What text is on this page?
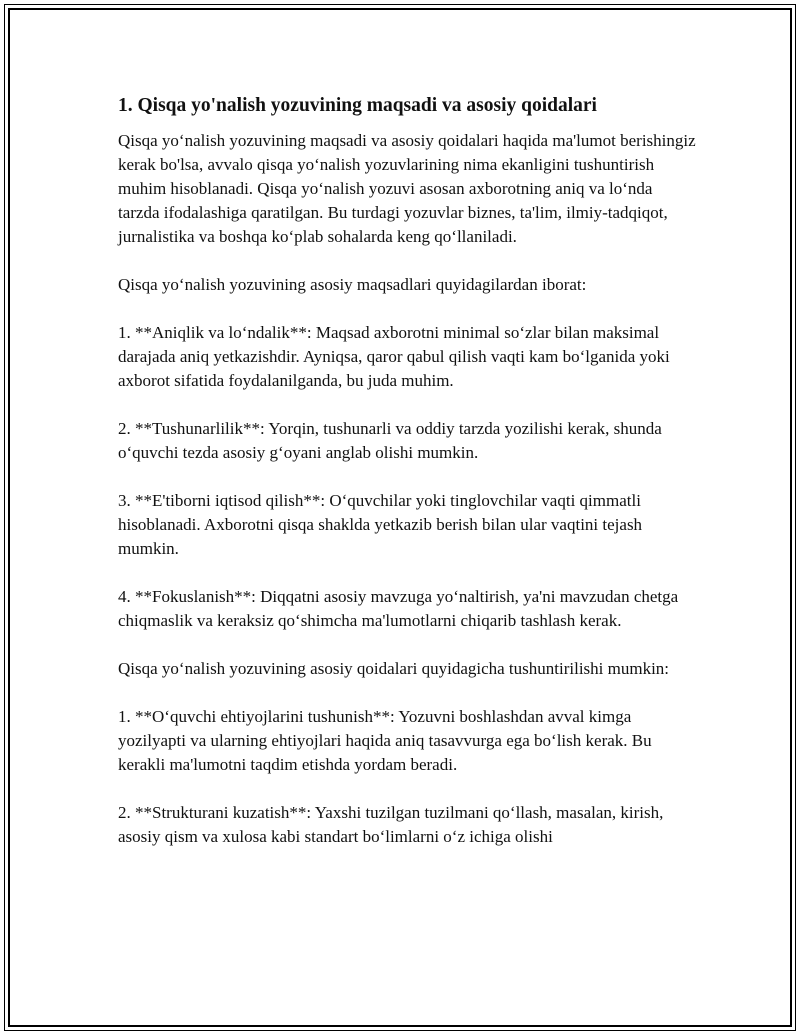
1. Qisqa yo'nalish yozuvining maqsadi va asosiy qoidalari

Qisqa yo‘nalish yozuvining maqsadi va asosiy qoidalari haqida ma'lumot berishingiz kerak bo'lsa, avvalo qisqa yo‘nalish yozuvlarining nima ekanligini tushuntirish muhim hisoblanadi. Qisqa yo‘nalish yozuvi asosan axborotning aniq va lo‘nda tarzda ifodalashiga qaratilgan. Bu turdagi yozuvlar biznes, ta'lim, ilmiy-tadqiqot, jurnalistika va boshqa ko‘plab sohalarda keng qo‘llaniladi.

Qisqa yo‘nalish yozuvining asosiy maqsadlari quyidagilardan iborat:

1. **Aniqlik va lo‘ndalik**: Maqsad axborotni minimal so‘zlar bilan maksimal darajada aniq yetkazishdir. Ayniqsa, qaror qabul qilish vaqti kam bo‘lganida yoki axborot sifatida foydalanilganda, bu juda muhim.

2. **Tushunarlilik**: Yorqin, tushunarli va oddiy tarzda yozilishi kerak, shunda o‘quvchi tezda asosiy g‘oyani anglab olishi mumkin.

3. **E'tiborni iqtisod qilish**: O‘quvchilar yoki tinglovchilar vaqti qimmatli hisoblanadi. Axborotni qisqa shaklda yetkazib berish bilan ular vaqtini tejash mumkin.

4. **Fokuslanish**: Diqqatni asosiy mavzuga yo‘naltirish, ya'ni mavzudan chetga chiqmaslik va keraksiz qo‘shimcha ma'lumotlarni chiqarib tashlash kerak.

Qisqa yo‘nalish yozuvining asosiy qoidalari quyidagicha tushuntirilishi mumkin:

1. **O‘quvchi ehtiyojlarini tushunish**: Yozuvni boshlashdan avval kimga yozilyapti va ularning ehtiyojlari haqida aniq tasavvurga ega bo‘lish kerak. Bu kerakli ma'lumotni taqdim etishda yordam beradi.

2. **Strukturani kuzatish**: Yaxshi tuzilgan tuzilmani qo‘llash, masalan, kirish, asosiy qism va xulosa kabi standart bo‘limlarni o‘z ichiga olishi
